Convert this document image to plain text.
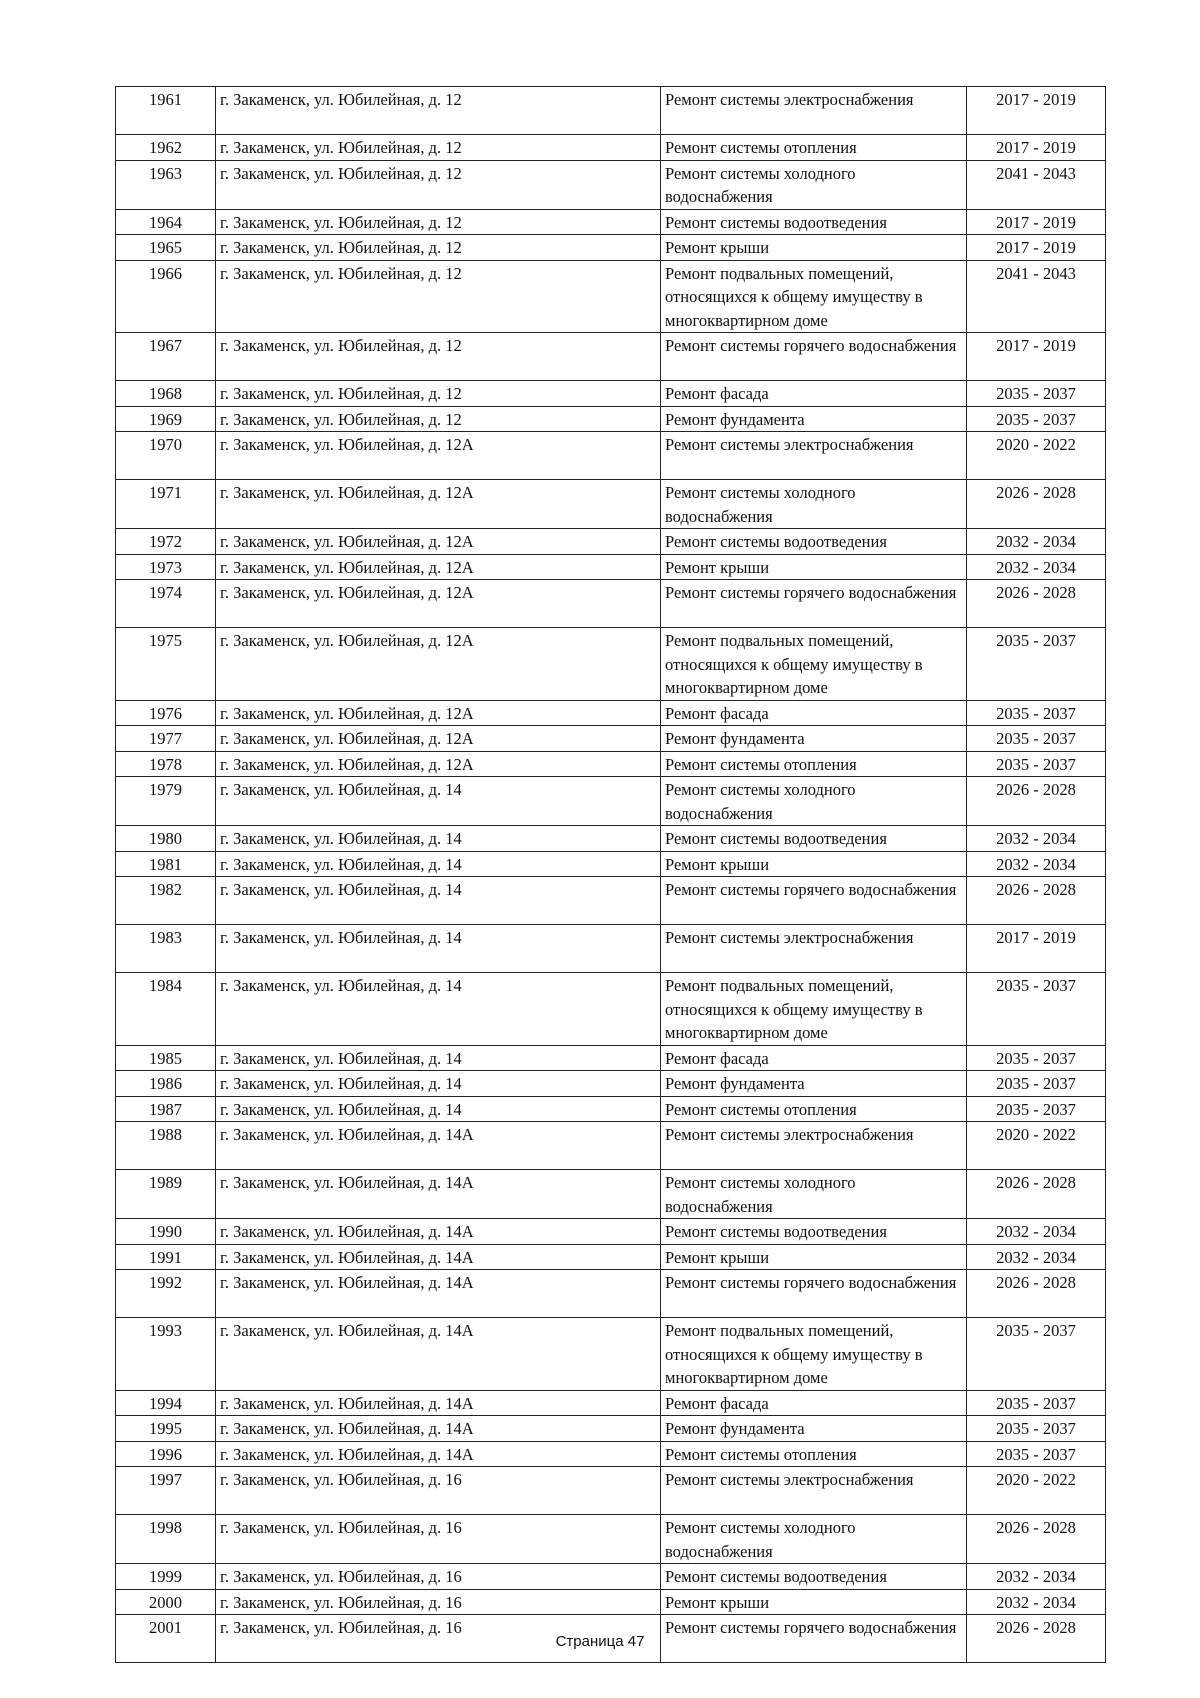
1961	г. Закаменск, ул. Юбилейная, д. 12	Ремонт системы электроснабжения	2017 - 2019
1962	г. Закаменск, ул. Юбилейная, д. 12	Ремонт системы отопления	2017 - 2019
1963	г. Закаменск, ул. Юбилейная, д. 12	Ремонт системы холодного водоснабжения	2041 - 2043
1964	г. Закаменск, ул. Юбилейная, д. 12	Ремонт системы водоотведения	2017 - 2019
1965	г. Закаменск, ул. Юбилейная, д. 12	Ремонт крыши	2017 - 2019
1966	г. Закаменск, ул. Юбилейная, д. 12	Ремонт подвальных помещений, относящихся к общему имуществу в многоквартирном доме	2041 - 2043
1967	г. Закаменск, ул. Юбилейная, д. 12	Ремонт системы горячего водоснабжения	2017 - 2019
1968	г. Закаменск, ул. Юбилейная, д. 12	Ремонт фасада	2035 - 2037
1969	г. Закаменск, ул. Юбилейная, д. 12	Ремонт фундамента	2035 - 2037
1970	г. Закаменск, ул. Юбилейная, д. 12А	Ремонт системы электроснабжения	2020 - 2022
1971	г. Закаменск, ул. Юбилейная, д. 12А	Ремонт системы холодного водоснабжения	2026 - 2028
1972	г. Закаменск, ул. Юбилейная, д. 12А	Ремонт системы водоотведения	2032 - 2034
1973	г. Закаменск, ул. Юбилейная, д. 12А	Ремонт крыши	2032 - 2034
1974	г. Закаменск, ул. Юбилейная, д. 12А	Ремонт системы горячего водоснабжения	2026 - 2028
1975	г. Закаменск, ул. Юбилейная, д. 12А	Ремонт подвальных помещений, относящихся к общему имуществу в многоквартирном доме	2035 - 2037
1976	г. Закаменск, ул. Юбилейная, д. 12А	Ремонт фасада	2035 - 2037
1977	г. Закаменск, ул. Юбилейная, д. 12А	Ремонт фундамента	2035 - 2037
1978	г. Закаменск, ул. Юбилейная, д. 12А	Ремонт системы отопления	2035 - 2037
1979	г. Закаменск, ул. Юбилейная, д. 14	Ремонт системы холодного водоснабжения	2026 - 2028
1980	г. Закаменск, ул. Юбилейная, д. 14	Ремонт системы водоотведения	2032 - 2034
1981	г. Закаменск, ул. Юбилейная, д. 14	Ремонт крыши	2032 - 2034
1982	г. Закаменск, ул. Юбилейная, д. 14	Ремонт системы горячего водоснабжения	2026 - 2028
1983	г. Закаменск, ул. Юбилейная, д. 14	Ремонт системы электроснабжения	2017 - 2019
1984	г. Закаменск, ул. Юбилейная, д. 14	Ремонт подвальных помещений, относящихся к общему имуществу в многоквартирном доме	2035 - 2037
1985	г. Закаменск, ул. Юбилейная, д. 14	Ремонт фасада	2035 - 2037
1986	г. Закаменск, ул. Юбилейная, д. 14	Ремонт фундамента	2035 - 2037
1987	г. Закаменск, ул. Юбилейная, д. 14	Ремонт системы отопления	2035 - 2037
1988	г. Закаменск, ул. Юбилейная, д. 14А	Ремонт системы электроснабжения	2020 - 2022
1989	г. Закаменск, ул. Юбилейная, д. 14А	Ремонт системы холодного водоснабжения	2026 - 2028
1990	г. Закаменск, ул. Юбилейная, д. 14А	Ремонт системы водоотведения	2032 - 2034
1991	г. Закаменск, ул. Юбилейная, д. 14А	Ремонт крыши	2032 - 2034
1992	г. Закаменск, ул. Юбилейная, д. 14А	Ремонт системы горячего водоснабжения	2026 - 2028
1993	г. Закаменск, ул. Юбилейная, д. 14А	Ремонт подвальных помещений, относящихся к общему имуществу в многоквартирном доме	2035 - 2037
1994	г. Закаменск, ул. Юбилейная, д. 14А	Ремонт фасада	2035 - 2037
1995	г. Закаменск, ул. Юбилейная, д. 14А	Ремонт фундамента	2035 - 2037
1996	г. Закаменск, ул. Юбилейная, д. 14А	Ремонт системы отопления	2035 - 2037
1997	г. Закаменск, ул. Юбилейная, д. 16	Ремонт системы электроснабжения	2020 - 2022
1998	г. Закаменск, ул. Юбилейная, д. 16	Ремонт системы холодного водоснабжения	2026 - 2028
1999	г. Закаменск, ул. Юбилейная, д. 16	Ремонт системы водоотведения	2032 - 2034
2000	г. Закаменск, ул. Юбилейная, д. 16	Ремонт крыши	2032 - 2034
2001	г. Закаменск, ул. Юбилейная, д. 16	Ремонт системы горячего водоснабжения	2026 - 2028
Страница 47
